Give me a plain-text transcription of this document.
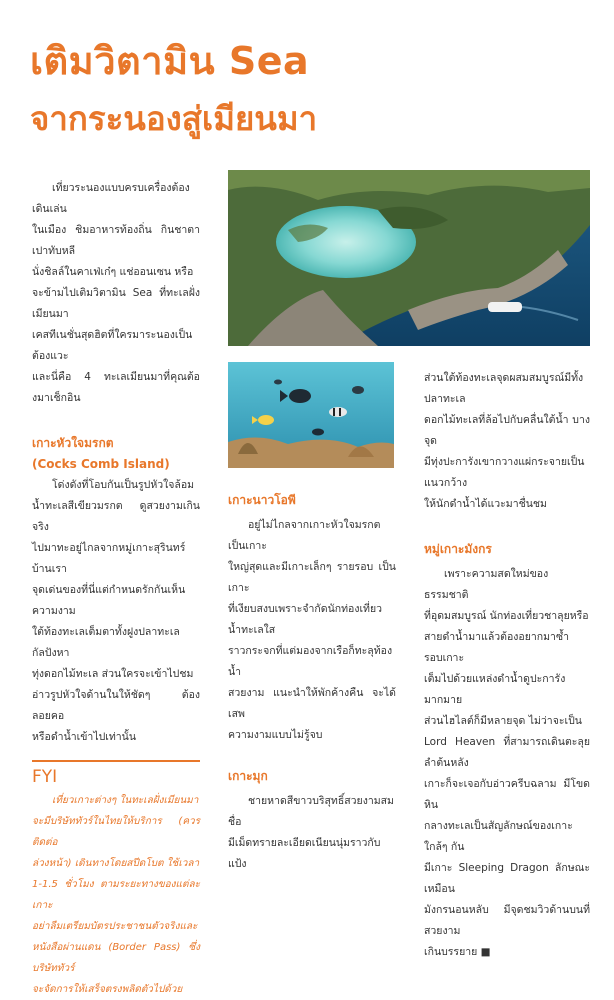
เติมวิตามิน Sea
จากระนองสู่เมียนมา

เที่ยวระนองแบบครบเครื่องต้องเดินเล่น

ในเมือง ชิมอาหารท้องถิ่น กินชาตาเปาทับหลี

นั่งชิลล์ในคาเฟ่เก๋ๆ แช่ออนเซน หรือ

จะข้ามไปเติมวิตามิน Sea ที่ทะเลฝั่งเมียนมา

เคสทีเนชั่นสุดฮิตที่ใครมาระนองเป็นต้องแวะ

และนี่คือ 4 ทะเลเมียนมาที่คุณต้องมาเช็กอิน

เกาะหัวใจมรกต
(Cocks Comb Island)

โด่งดังที่โอบกันเป็นรูปหัวใจล้อม

น้ำทะเลสีเขียวมรกต ดูสวยงามเกินจริง

ไปมาทะอยู่ไกลจากหมู่เกาะสุรินทร์บ้านเรา

จุดเด่นของที่นี่แต่กำหนดรักกันเห็นความงาม

ใต้ท้องทะเลเต็มตาทั้งฝูงปลาทะเล กัลปังหา

ทุ่งดอกไม้ทะเล ส่วนใครจะเข้าไปชม

อ่าวรูปหัวใจด้านในให้ชัดๆ ต้องลอยคอ

หรือดำน้ำเข้าไปเท่านั้น

FYI

เที่ยวเกาะต่างๆ ในทะเลฝั่งเมียนมา

จะมีบริษัททัวร์ในไทยให้บริการ (ควรติดต่อ

ล่วงหน้า) เดินทางโดยสปีดโบต ใช้เวลา

1-1.5 ชั่วโมง ตามระยะทางของแต่ละเกาะ

อย่าลืมเตรียมบัตรประชาชนตัวจริงและ

หนังสือผ่านแดน (Border Pass) ซึ่งบริษัททัวร์

จะจัดการให้เสร็จตรงพลิดตัวไปด้วย

เกาะนาวโอพี

อยู่ไม่ไกลจากเกาะหัวใจมรกต เป็นเกาะ

ใหญ่สุดและมีเกาะเล็กๆ รายรอบ เป็นเกาะ

ที่เงียบสงบเพราะจำกัดนักท่องเที่ยว น้ำทะเลใส

ราวกระจกที่แต่มองจากเรือก็ทะลุท้องน้ำ

สวยงาม แนะนำให้พักค้างคืน จะได้เสพ

ความงามแบบไม่รู้จบ

เกาะมุก

ชายหาดสีขาวบริสุทธิ์สวยงามสมชื่อ

มีเม็ดทรายละเอียดเนียนนุ่มราวกับแป้ง

ส่วนใต้ท้องทะเลจุดผสมสมบูรณ์มีทั้งปลาทะเล

ดอกไม้ทะเลที่ล้อไปกับคลื่นใต้น้ำ บางจุด

มีทุ่งปะการังเขากวางแผ่กระจายเป็นแนวกว้าง

ให้นักดำน้ำได้แวะมาชื่นชม

หมู่เกาะมังกร

เพราะความสดใหม่ของธรรมชาติ

ที่อุดมสมบูรณ์ นักท่องเที่ยวชาลุยหรือ

สายดำน้ำมาแล้วต้องอยากมาซ้ำ รอบเกาะ

เต็มไปด้วยแหล่งดำน้ำดูปะการังมากมาย

ส่วนไฮไลต์ก็มีหลายจุด ไม่ว่าจะเป็น

Lord Heaven ที่สามารถเดินตะลุยลำต้นหลัง

เกาะก็จะเจอกับอ่าวครีบฉลาม มีโขดหิน

กลางทะเลเป็นสัญลักษณ์ของเกาะ ใกล้ๆ กัน

มีเกาะ Sleeping Dragon ลักษณะเหมือน

มังกรนอนหลับ มีจุดชมวิวด้านบนที่สวยงาม

เกินบรรยาย ■
